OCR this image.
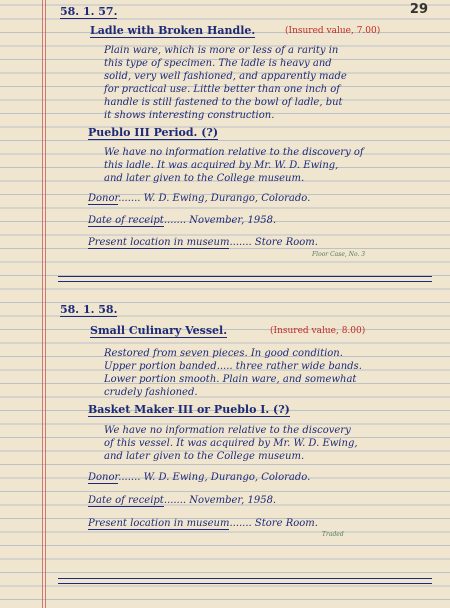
29
58. 1. 57.
Ladle with Broken Handle.	(Insured value, 7.00)
Plain ware, which is more or less of a rarity in
this type of specimen. The ladle is heavy and
solid, very well fashioned, and apparently made
for practical use. Little better than one inch of
handle is still fastened to the bowl of ladle, but
it shows interesting construction.
Pueblo III Period. (?)
We have no information relative to the discovery of
this ladle. It was acquired by Mr. W. D. Ewing,
and later given to the College museum.
Donor....... W. D. Ewing, Durango, Colorado.
Date of receipt....... November, 1958.
Present location in museum....... Store Room.
Floor Case, No. 3
58. 1. 58.
Small Culinary Vessel.	(Insured value, 8.00)
Restored from seven pieces. In good condition.
Upper portion banded..... three rather wide bands.
Lower portion smooth. Plain ware, and somewhat
crudely fashioned.
Basket Maker III or Pueblo I. (?)
We have no information relative to the discovery
of this vessel. It was acquired by Mr. W. D. Ewing,
and later given to the College museum.
Donor....... W. D. Ewing, Durango, Colorado.
Date of receipt....... November, 1958.
Present location in museum....... Store Room.
Traded
